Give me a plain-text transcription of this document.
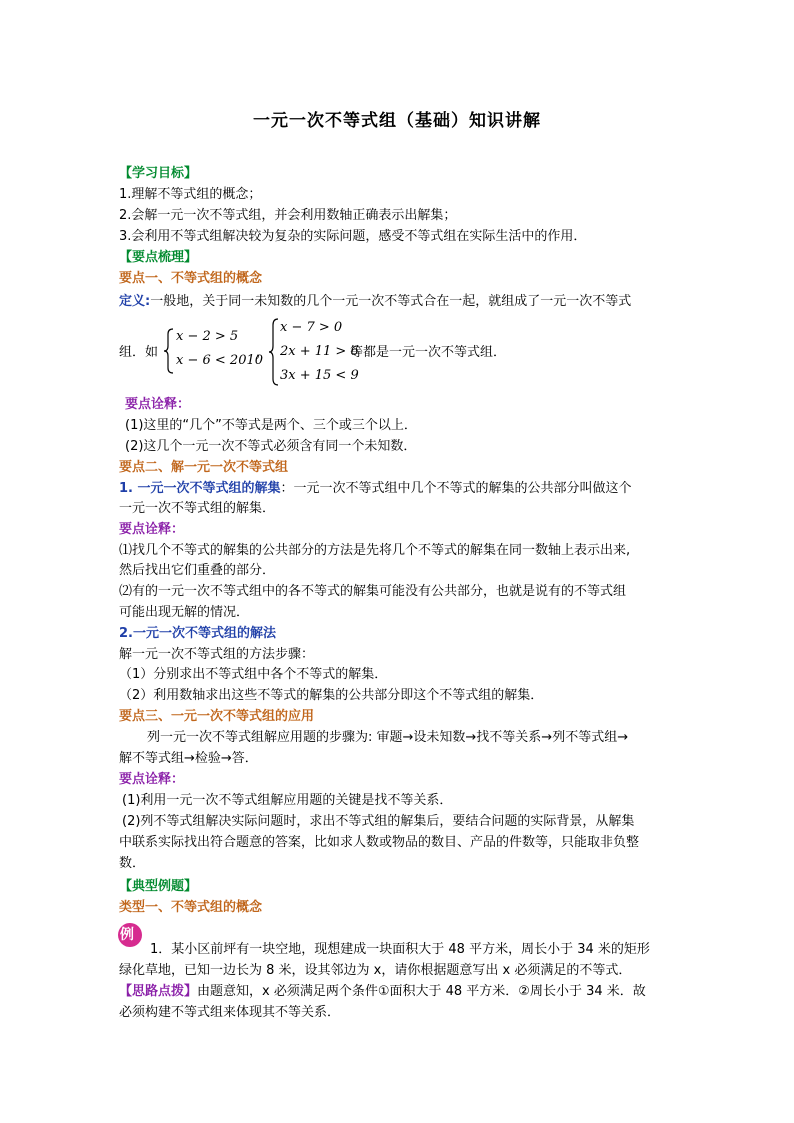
一元一次不等式组（基础）知识讲解
【学习目标】
1.理解不等式组的概念；
2.会解一元一次不等式组，并会利用数轴正确表示出解集；
3.会利用不等式组解决较为复杂的实际问题，感受不等式组在实际生活中的作用．
【要点梳理】
要点一、不等式组的概念
定义:一般地，关于同一未知数的几个一元一次不等式合在一起，就组成了一元一次不等式
组．如
x − 2 > 5
x − 6 < 2010
，
x − 7 > 0
2x + 11 > 6
3x + 15 < 9
等都是一元一次不等式组．
要点诠释：
(1)这里的“几个”不等式是两个、三个或三个以上．
(2)这几个一元一次不等式必须含有同一个未知数．
要点二、解一元一次不等式组
1. 一元一次不等式组的解集：一元一次不等式组中几个不等式的解集的公共部分叫做这个
一元一次不等式组的解集．
要点诠释：
⑴找几个不等式的解集的公共部分的方法是先将几个不等式的解集在同一数轴上表示出来,
然后找出它们重叠的部分．
⑵有的一元一次不等式组中的各不等式的解集可能没有公共部分，也就是说有的不等式组
可能出现无解的情况．
2.一元一次不等式组的解法
解一元一次不等式组的方法步骤：
（1）分别求出不等式组中各个不等式的解集．
（2）利用数轴求出这些不等式的解集的公共部分即这个不等式组的解集．
要点三、一元一次不等式组的应用
列一元一次不等式组解应用题的步骤为: 审题→设未知数→找不等关系→列不等式组→
解不等式组→检验→答．
要点诠释：
(1)利用一元一次不等式组解应用题的关键是找不等关系．
(2)列不等式组解决实际问题时，求出不等式组的解集后，要结合问题的实际背景，从解集
中联系实际找出符合题意的答案，比如求人数或物品的数目、产品的件数等，只能取非负整
数．
【典型例题】
类型一、不等式组的概念
例
1．某小区前坪有一块空地，现想建成一块面积大于 48 平方米，周长小于 34 米的矩形
绿化草地，已知一边长为 8 米，设其邻边为 x，请你根据题意写出 x 必须满足的不等式．
【思路点拨】由题意知，x 必须满足两个条件①面积大于 48 平方米．②周长小于 34 米．故
必须构建不等式组来体现其不等关系．
